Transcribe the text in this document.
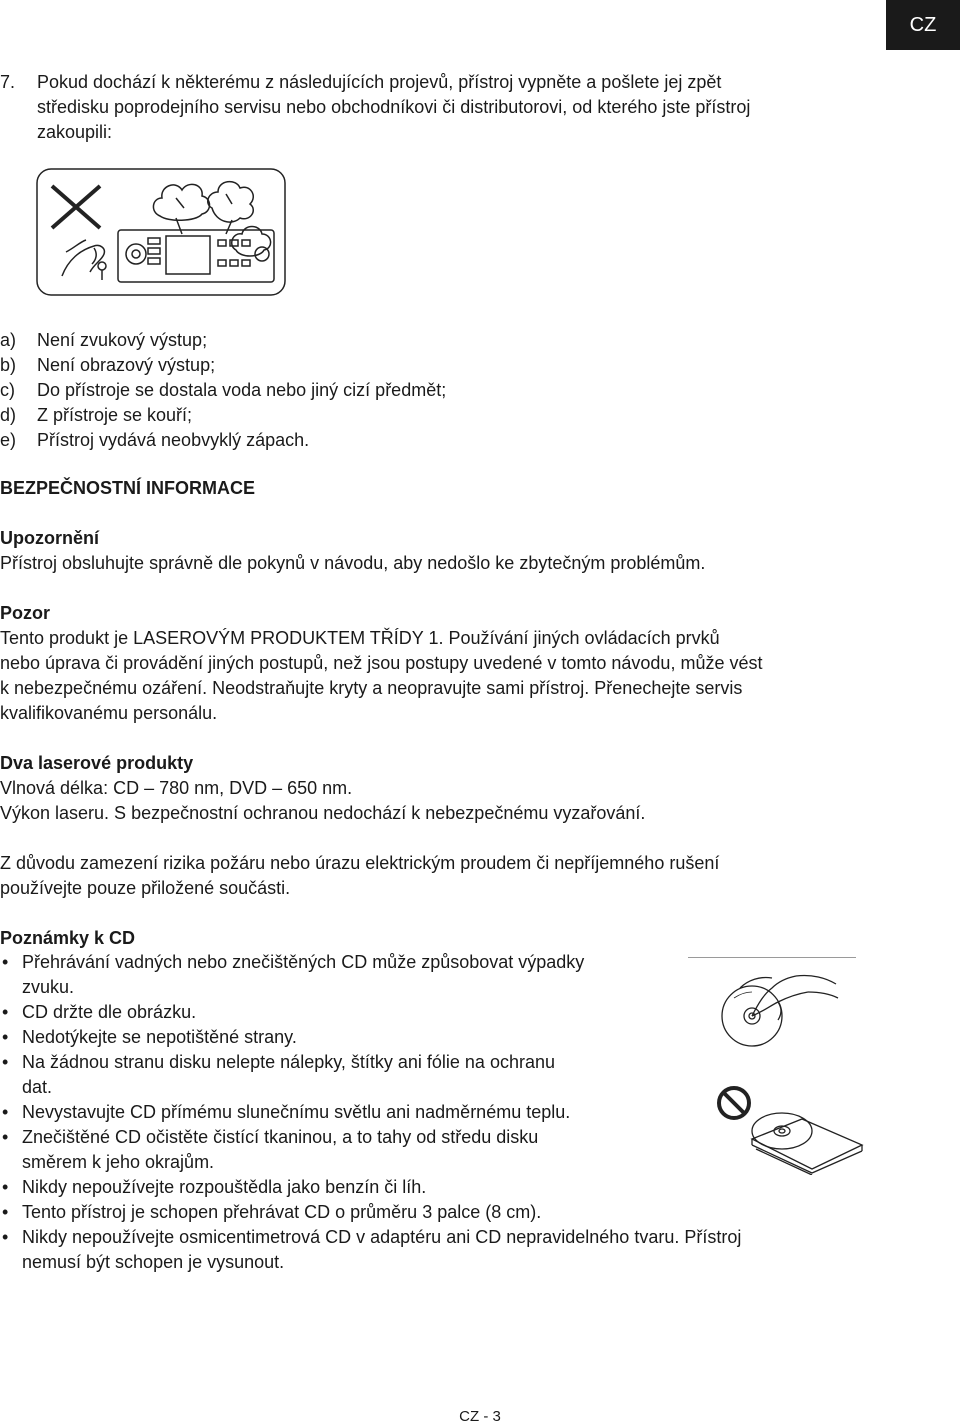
CZ
7. Pokud dochází k některému z následujících projevů, přístroj vypněte a pošlete jej zpět
středisku poprodejního servisu nebo obchodníkovi či distributorovi, od kterého jste přístroj
zakoupili:
a) Není zvukový výstup;
b) Není obrazový výstup;
c) Do přístroje se dostala voda nebo jiný cizí předmět;
d) Z přístroje se kouří;
e) Přístroj vydává neobvyklý zápach.
BEZPEČNOSTNÍ INFORMACE
Upozornění
Přístroj obsluhujte správně dle pokynů v návodu, aby nedošlo ke zbytečným problémům.
Pozor
Tento produkt je LASEROVÝM PRODUKTEM TŘÍDY 1. Používání jiných ovládacích prvků
nebo úprava či provádění jiných postupů, než jsou postupy uvedené v tomto návodu, může vést
k nebezpečnému ozáření. Neodstraňujte kryty a neopravujte sami přístroj. Přenechejte servis
kvalifikovanému personálu.
Dva laserové produkty
Vlnová délka: CD – 780 nm, DVD – 650 nm.
Výkon laseru. S bezpečnostní ochranou nedochází k nebezpečnému vyzařování.
Z důvodu zamezení rizika požáru nebo úrazu elektrickým proudem či nepříjemného rušení
používejte pouze přiložené součásti.
Poznámky k CD
• Přehrávání vadných nebo znečištěných CD může způsobovat výpadky
zvuku.
• CD držte dle obrázku.
• Nedotýkejte se nepotištěné strany.
• Na žádnou stranu disku nelepte nálepky, štítky ani fólie na ochranu
dat.
• Nevystavujte CD přímému slunečnímu světlu ani nadměrnému teplu.
• Znečištěné CD očistěte čistící tkaninou, a to tahy od středu disku
směrem k jeho okrajům.
• Nikdy nepoužívejte rozpouštědla jako benzín či líh.
• Tento přístroj je schopen přehrávat CD o průměru 3 palce (8 cm).
• Nikdy nepoužívejte osmicentimetrová CD v adaptéru ani CD nepravidelného tvaru. Přístroj
nemusí být schopen je vysunout.
CZ - 3
